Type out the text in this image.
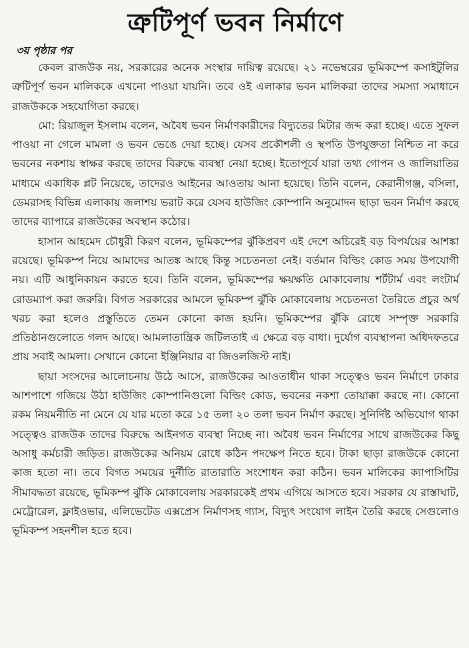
ত্রুটিপূর্ণ ভবন নির্মাণে
৩য় পৃষ্ঠার পর

কেবল রাজউক নয়, সরকারের অনেক সংস্থার দায়িত্ব রয়েছে। ২১ নভেম্বরের ভূমিকম্পে কসাইটুলির ত্রুটিপূর্ণ ভবন মালিককে এখনো পাওয়া যায়নি। তবে ওই এলাকার ভবন মালিকরা তাদের সমস্যা সমাধানে রাজউককে সহযোগিতা করছে।

মো: রিয়াজুল ইসলাম বলেন, অবৈধ ভবন নির্মাণকারীদের বিদ্যুতের মিটার জব্দ করা হচ্ছে। এতে সুফল পাওয়া না গেলে মামলা ও ভবন ভেঙে দেয়া হচ্ছে। যেসব প্রকৌশলী ও স্থপতি উপযুক্ততা নিশ্চিত না করে ভবনের নকশায় স্বাক্ষর করছে তাদের বিরুদ্ধে ব্যবস্থা নেয়া হচ্ছে। ইতোপূর্বে যারা তথ্য গোপন ও জালিয়াতির মাধ্যমে একাধিক প্লট নিয়েছে, তাদেরও আইনের আওতায় আনা হয়েছে। তিনি বলেন, কেরানীগঞ্জ, বসিলা, ডেমরাসহ বিভিন্ন এলাকায় জলাশয় ভরাট করে যেসব হাউজিং কোম্পানি অনুমোদন ছাড়া ভবন নির্মাণ করছে তাদের ব্যাপারে রাজউকের অবস্থান কঠোর।

হাসান আহমেদ চৌধুরী কিরণ বলেন, ভূমিকম্পের ঝুঁকিপ্রবণ এই দেশে অচিরেই বড় বিপর্যয়ের আশঙ্কা রয়েছে। ভূমিকম্প নিয়ে আমাদের আতঙ্ক আছে কিন্তু সচেতনতা নেই। বর্তমান বিল্ডিং কোড সময় উপযোগী নয়। এটি আধুনিকায়ন করতে হবে। তিনি বলেন, ভূমিকম্পের ক্ষয়ক্ষতি মোকাবেলায় শর্টটার্ম এবং লংটার্ম রোডম্যাপ করা জরুরি। বিগত সরকারের আমলে ভূমিকম্প ঝুঁকি মোকাবেলায় সচেতনতা তৈরিতে প্রচুর অর্থ খরচ করা হলেও প্রস্তুতিতে তেমন কোনো কাজ হয়নি। ভূমিকম্পের ঝুঁকি রোধে সম্পৃক্ত সরকারি প্রতিষ্ঠানগুলোতে গলদ আছে। আমলাতান্ত্রিক জটিলতাই এ ক্ষেত্রে বড় বাধা। দুর্যোগ ব্যবস্থাপনা অধিদফতরে প্রায় সবাই আমলা। সেখানে কোনো ইঞ্জিনিয়ার বা জিওলজিস্ট নাই।

ছায়া সংসদের আলোচনায় উঠে আসে, রাজউকের আওতাধীন থাকা সত্ত্বেও ভবন নির্মাণে ঢাকার আশপাশে গজিয়ে উঠা হাউজিং কোম্পানিগুলো বিল্ডিং কোড, ভবনের নকশা তোয়াক্কা করছে না। কোনো রকম নিয়মনীতি না মেনে যে যার মতো করে ১৫ তলা ২০ তলা ভবন নির্মাণ করছে। সুনির্দিষ্ট অভিযোগ থাকা সত্ত্বেও রাজউক তাদের বিরুদ্ধে আইনগত ব্যবস্থা নিচ্ছে না। অবৈধ ভবন নির্মাণের সাথে রাজউকের কিছু অসাধু কর্মচারী জড়িত। রাজউকের অনিয়ম রোধে কঠিন পদক্ষেপ নিতে হবে। টাকা ছাড়া রাজউকে কোনো কাজ হতো না। তবে বিগত সময়ের দুর্নীতি রাতারাতি সংশোধন করা কঠিন। ভবন মালিকের ক্যাপাসিটির সীমাবদ্ধতা রয়েছে, ভূমিকম্প ঝুঁকি মোকাবেলায় সরকারকেই প্রথম এগিয়ে আসতে হবে। সরকার যে রাস্তাঘাট, মেট্রোরেল, ফ্লাইওভার, এলিভেটেড এক্সপ্রেস নির্মাণসহ গ্যাস, বিদ্যুৎ সংযোগ লাইন তৈরি করছে সেগুলোও ভূমিকম্প সহনশীল হতে হবে।
